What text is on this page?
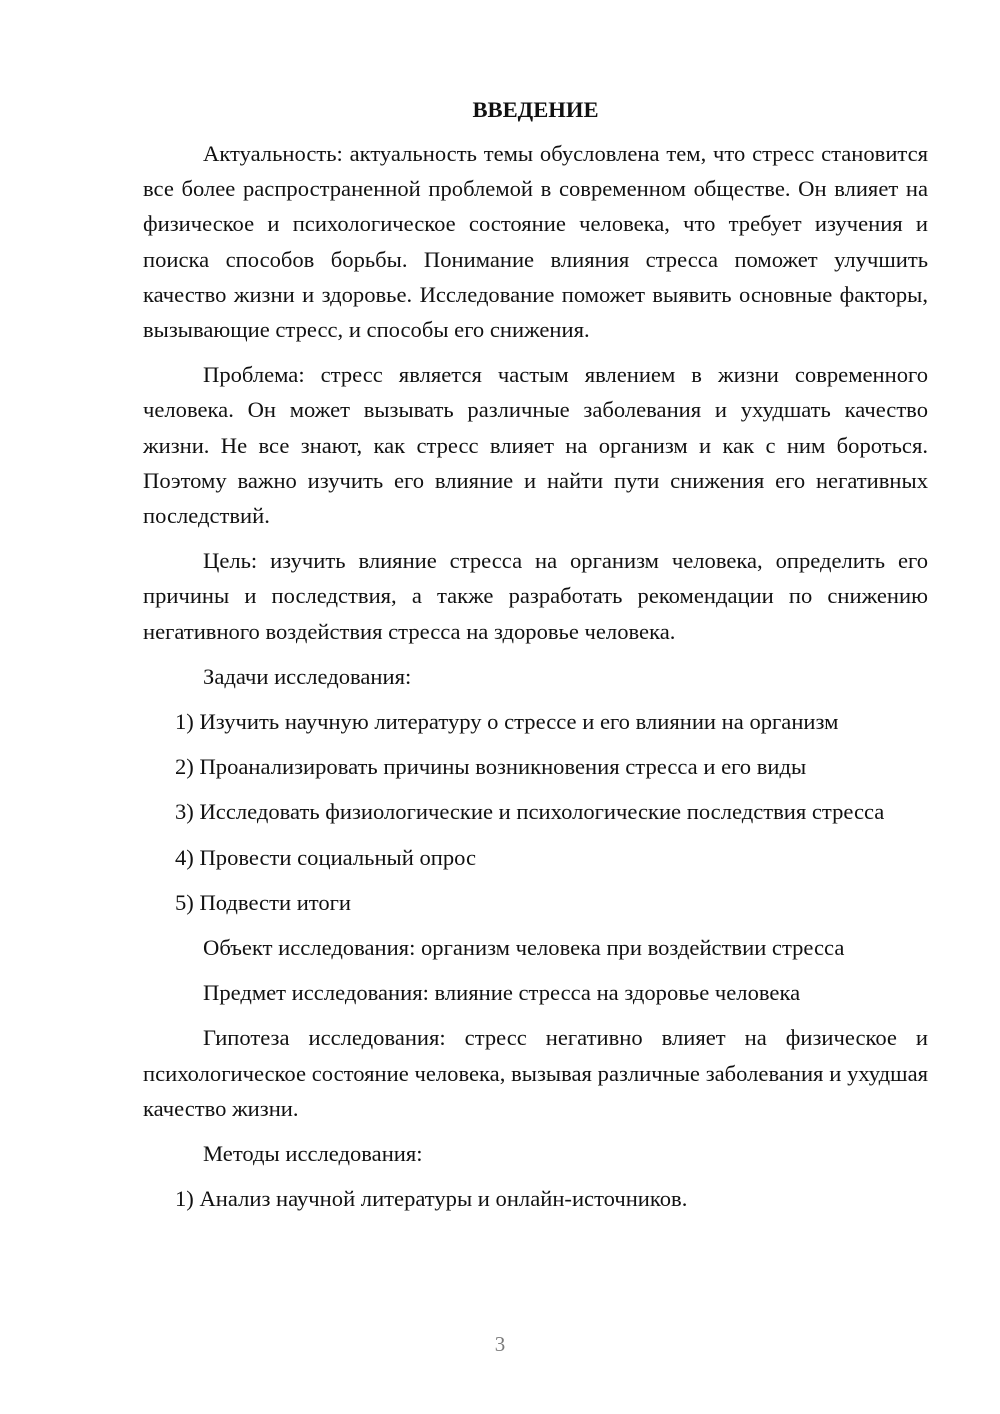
ВВЕДЕНИЕ

Актуальность: актуальность темы обусловлена тем, что стресс становится все более распространенной проблемой в современном обществе. Он влияет на физическое и психологическое состояние человека, что требует изучения и поиска способов борьбы. Понимание влияния стресса поможет улучшить качество жизни и здоровье. Исследование поможет выявить основные факторы, вызывающие стресс, и способы его снижения.

Проблема: стресс является частым явлением в жизни современного человека. Он может вызывать различные заболевания и ухудшать качество жизни. Не все знают, как стресс влияет на организм и как с ним бороться. Поэтому важно изучить его влияние и найти пути снижения его негативных последствий.

Цель: изучить влияние стресса на организм человека, определить его причины и последствия, а также разработать рекомендации по снижению негативного воздействия стресса на здоровье человека.

Задачи исследования:

1) Изучить научную литературу о стрессе и его влиянии на организм

2) Проанализировать причины возникновения стресса и его виды

3) Исследовать физиологические и психологические последствия стресса

4) Провести социальный опрос

5) Подвести итоги

Объект исследования: организм человека при воздействии стресса

Предмет исследования: влияние стресса на здоровье человека

Гипотеза исследования: стресс негативно влияет на физическое и психологическое состояние человека, вызывая различные заболевания и ухудшая качество жизни.

Методы исследования:

1) Анализ научной литературы и онлайн-источников.

3
